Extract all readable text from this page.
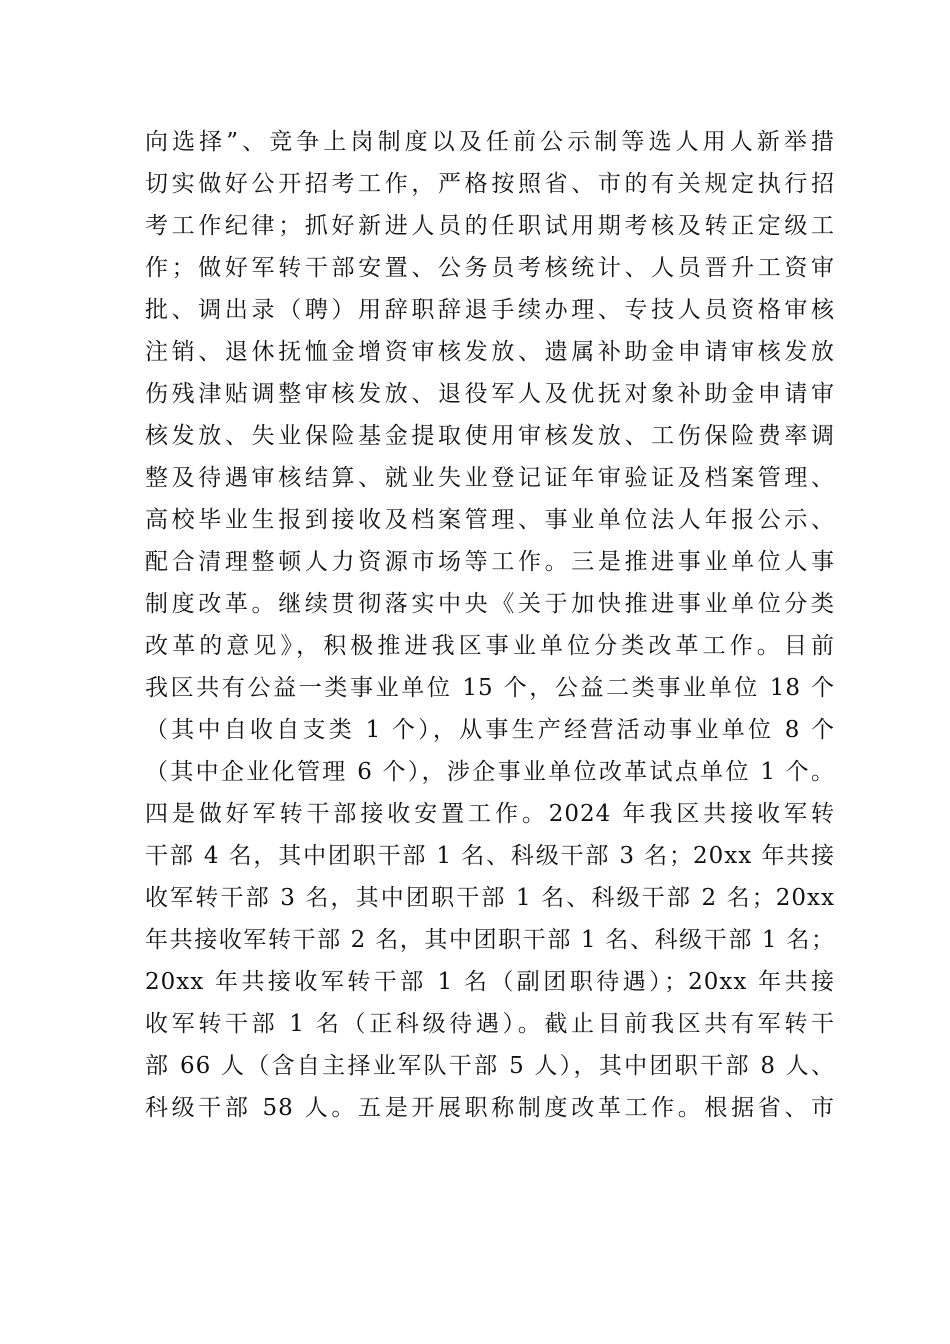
向选择”、竞争上岗制度以及任前公示制等选人用人新举措
切实做好公开招考工作，严格按照省、市的有关规定执行招
考工作纪律；抓好新进人员的任职试用期考核及转正定级工
作；做好军转干部安置、公务员考核统计、人员晋升工资审
批、调出录（聘）用辞职辞退手续办理、专技人员资格审核
注销、退休抚恤金增资审核发放、遗属补助金申请审核发放
伤残津贴调整审核发放、退役军人及优抚对象补助金申请审
核发放、失业保险基金提取使用审核发放、工伤保险费率调
整及待遇审核结算、就业失业登记证年审验证及档案管理、
高校毕业生报到接收及档案管理、事业单位法人年报公示、
配合清理整顿人力资源市场等工作。三是推进事业单位人事
制度改革。继续贯彻落实中央《关于加快推进事业单位分类
改革的意见》，积极推进我区事业单位分类改革工作。目前
我区共有公益一类事业单位 15 个，公益二类事业单位 18 个
（其中自收自支类 1 个），从事生产经营活动事业单位 8 个
（其中企业化管理 6 个），涉企事业单位改革试点单位 1 个。
四是做好军转干部接收安置工作。2024 年我区共接收军转
干部 4 名，其中团职干部 1 名、科级干部 3 名；20xx 年共接
收军转干部 3 名，其中团职干部 1 名、科级干部 2 名；20xx
年共接收军转干部 2 名，其中团职干部 1 名、科级干部 1 名；
20xx 年共接收军转干部 1 名（副团职待遇）；20xx 年共接
收军转干部 1 名（正科级待遇）。截止目前我区共有军转干
部 66 人（含自主择业军队干部 5 人），其中团职干部 8 人、
科级干部 58 人。五是开展职称制度改革工作。根据省、市
